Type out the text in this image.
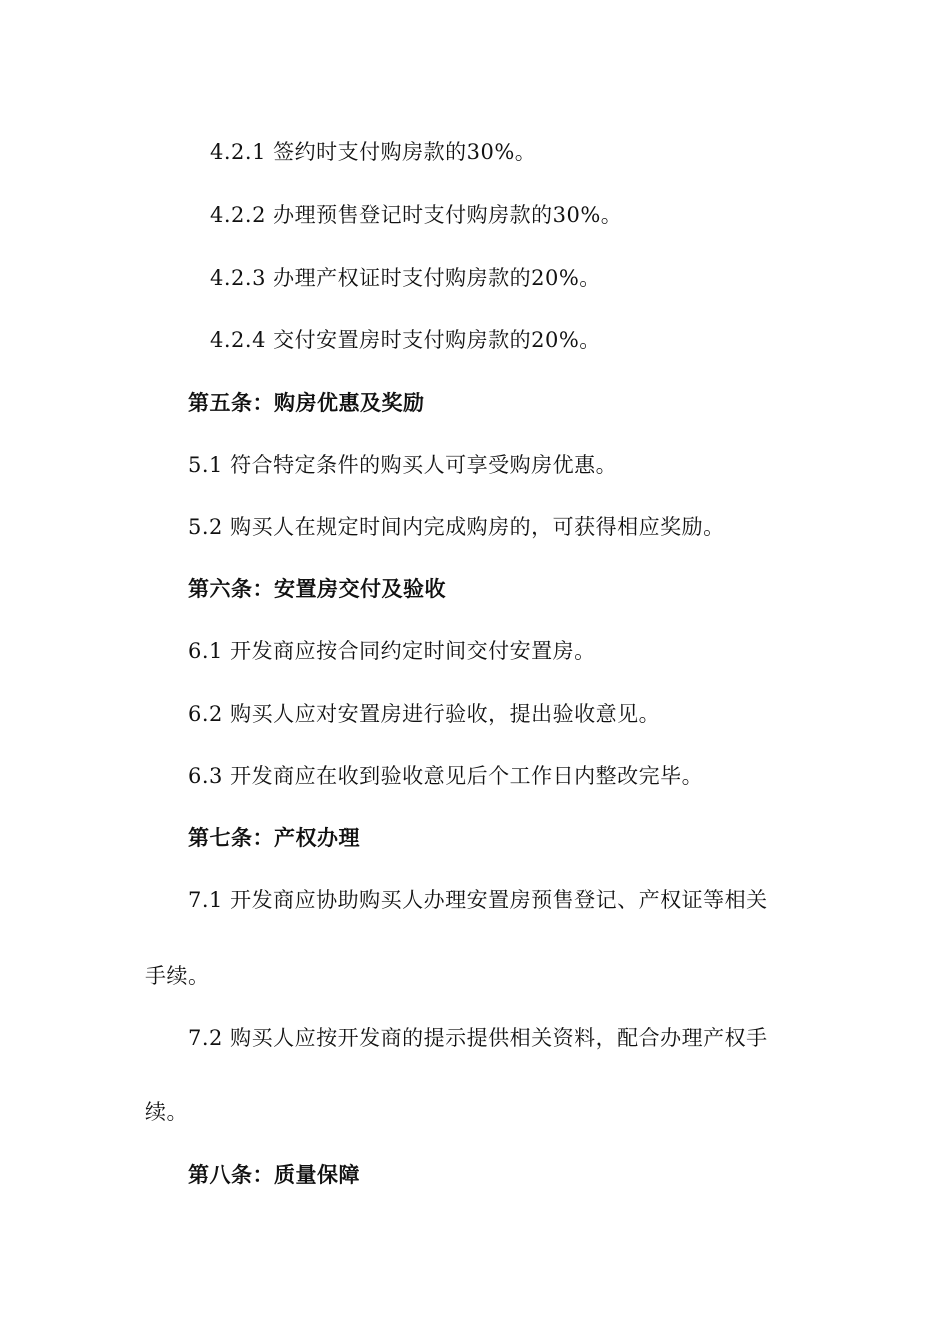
4.2.1 签约时支付购房款的30%。
4.2.2 办理预售登记时支付购房款的30%。
4.2.3 办理产权证时支付购房款的20%。
4.2.4 交付安置房时支付购房款的20%。
第五条：购房优惠及奖励
5.1 符合特定条件的购买人可享受购房优惠。
5.2 购买人在规定时间内完成购房的，可获得相应奖励。
第六条：安置房交付及验收
6.1 开发商应按合同约定时间交付安置房。
6.2 购买人应对安置房进行验收，提出验收意见。
6.3 开发商应在收到验收意见后个工作日内整改完毕。
第七条：产权办理
7.1 开发商应协助购买人办理安置房预售登记、产权证等相关
手续。
7.2 购买人应按开发商的提示提供相关资料，配合办理产权手
续。
第八条：质量保障
